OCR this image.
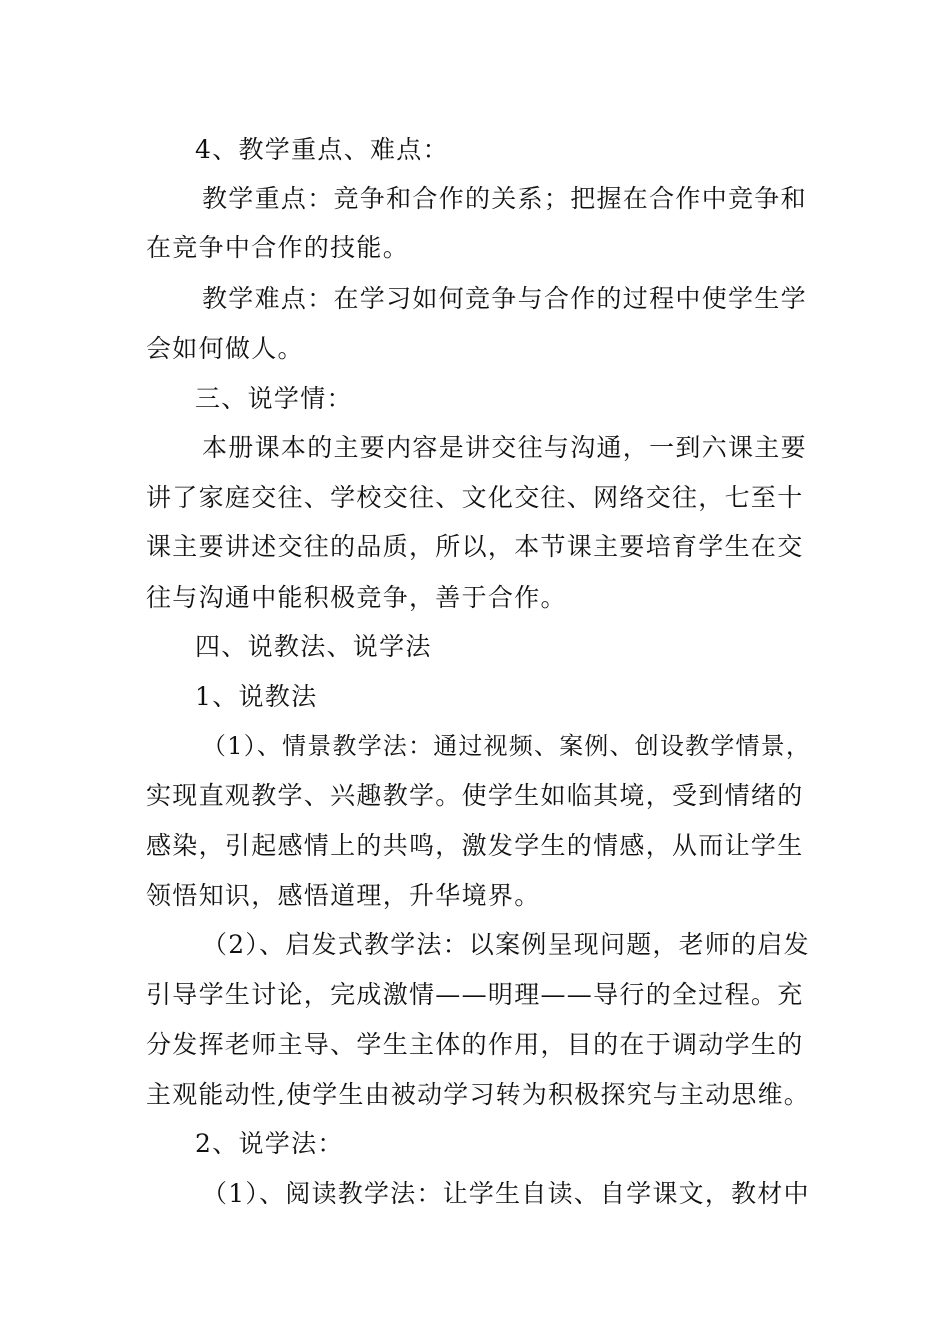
4、教学重点、难点：
教学重点：竞争和合作的关系；把握在合作中竞争和
在竞争中合作的技能。
教学难点：在学习如何竞争与合作的过程中使学生学
会如何做人。
三、说学情：
本册课本的主要内容是讲交往与沟通，一到六课主要
讲了家庭交往、学校交往、文化交往、网络交往，七至十
课主要讲述交往的品质，所以，本节课主要培育学生在交
往与沟通中能积极竞争，善于合作。
四、说教法、说学法
1、说教法
（1）、情景教学法：通过视频、案例、创设教学情景，
实现直观教学、兴趣教学。使学生如临其境，受到情绪的
感染，引起感情上的共鸣，激发学生的情感，从而让学生
领悟知识，感悟道理，升华境界。
（2）、启发式教学法：以案例呈现问题，老师的启发
引导学生讨论，完成激情——明理——导行的全过程。充
分发挥老师主导、学生主体的作用，目的在于调动学生的
主观能动性,使学生由被动学习转为积极探究与主动思维。
2、说学法：
（1）、阅读教学法：让学生自读、自学课文，教材中
